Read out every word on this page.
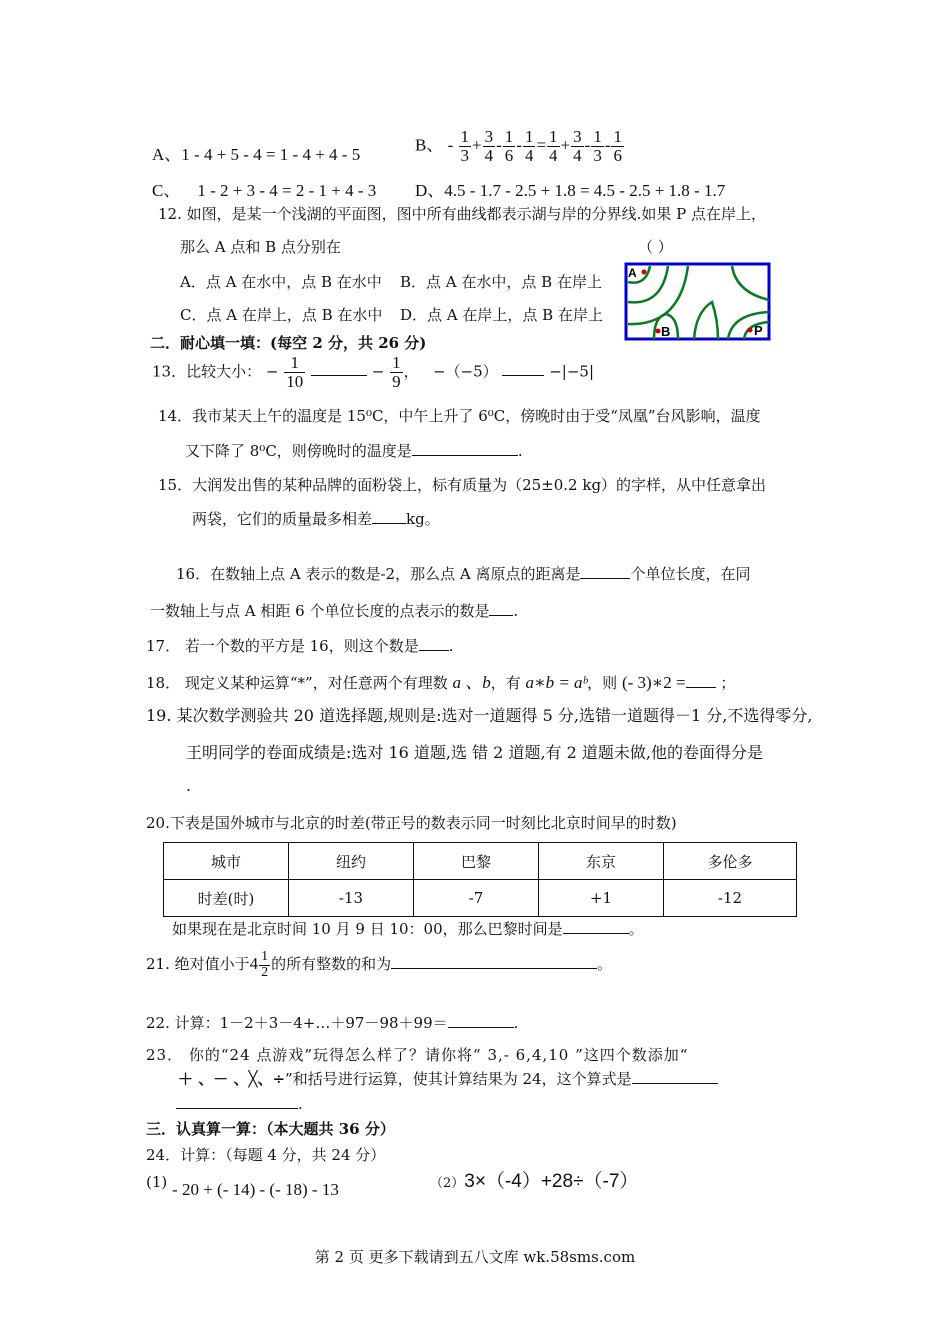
A、1 - 4 + 5 - 4 = 1 - 4 + 4 - 5
B、 - $\frac{1}{3} + \frac{3}{4} - \frac{1}{6} - \frac{1}{4} = \frac{1}{4} + \frac{3}{4} - \frac{1}{3} - \frac{1}{6}$
C、 1 - 2 + 3 - 4 = 2 - 1 + 4 - 3 D、4.5 - 1.7 - 2.5 + 1.8 = 4.5 - 2.5 + 1.8 - 1.7
12. 如图，是某一个浅湖的平面图，图中所有曲线都表示湖与岸的分界线.如果 P 点在岸上，
那么 A 点和 B 点分别在	（ ）
A．点 A 在水中，点 B 在水中 B．点 A 在水中，点 B 在岸上
C．点 A 在岸上，点 B 在水中 D．点 A 在岸上，点 B 在岸上
A
B	P
二．耐心填一填：(每空 2 分，共 26 分)
13．比较大小： − $\frac{1}{10}$	− $\frac{1}{9}$ ， −（−5）	−|−5|
14．我市某天上午的温度是 15⁰C，中午上升了 6⁰C，傍晚时由于受“凤凰”台风影响，温度
又下降了 8⁰C，则傍晚时的温度是	.
15．大润发出售的某种品牌的面粉袋上，标有质量为（25±0.2 kg）的字样，从中任意拿出
两袋，它们的质量最多相差 kg。
16．在数轴上点 A 表示的数是-2，那么点 A 离原点的距离是	个单位长度，在同
一数轴上与点 A 相距 6 个单位长度的点表示的数是 .
17． 若一个数的平方是 16，则这个数是 .
18． 现定义某种运算“*”，对任意两个有理数 a 、b，有 a∗b = aᵇ，则 (- 3)∗2 = ；
19. 某次数学测验共 20 道选择题,规则是:选对一道题得 5 分,选错一道题得－1 分,不选得零分,
王明同学的卷面成绩是:选对 16 道题,选 错 2 道题,有 2 道题未做,他的卷面得分是
.
20.下表是国外城市与北京的时差(带正号的数表示同一时刻比北京时间早的时数)
城市	纽约	巴黎	东京	多伦多
时差(时)	-13	-7	+1	-12
如果现在是北京时间 10 月 9 日 10：00，那么巴黎时间是	。
21. 绝对值小于$4 \frac{1}{2}$ 的所有整数的和为	。
22. 计算：1－2＋3－4+…＋97－98＋99＝	.
23． 你的“24 点游戏”玩得怎么样了？请你将“ 3,- 6,4,10 ”这四个数添加“
＋ 、－ 、╳、÷”和括号进行运算，使其计算结果为 24，这个算式是
.
三．认真算一算：（本大题共 36 分）
24．计算：（每题 4 分，共 24 分）
(1) - 20 + (- 14) - (- 18) - 13	（2）3×（-4）+28÷（-7）
第 2 页 更多下载请到五八文库 wk.58sms.com
